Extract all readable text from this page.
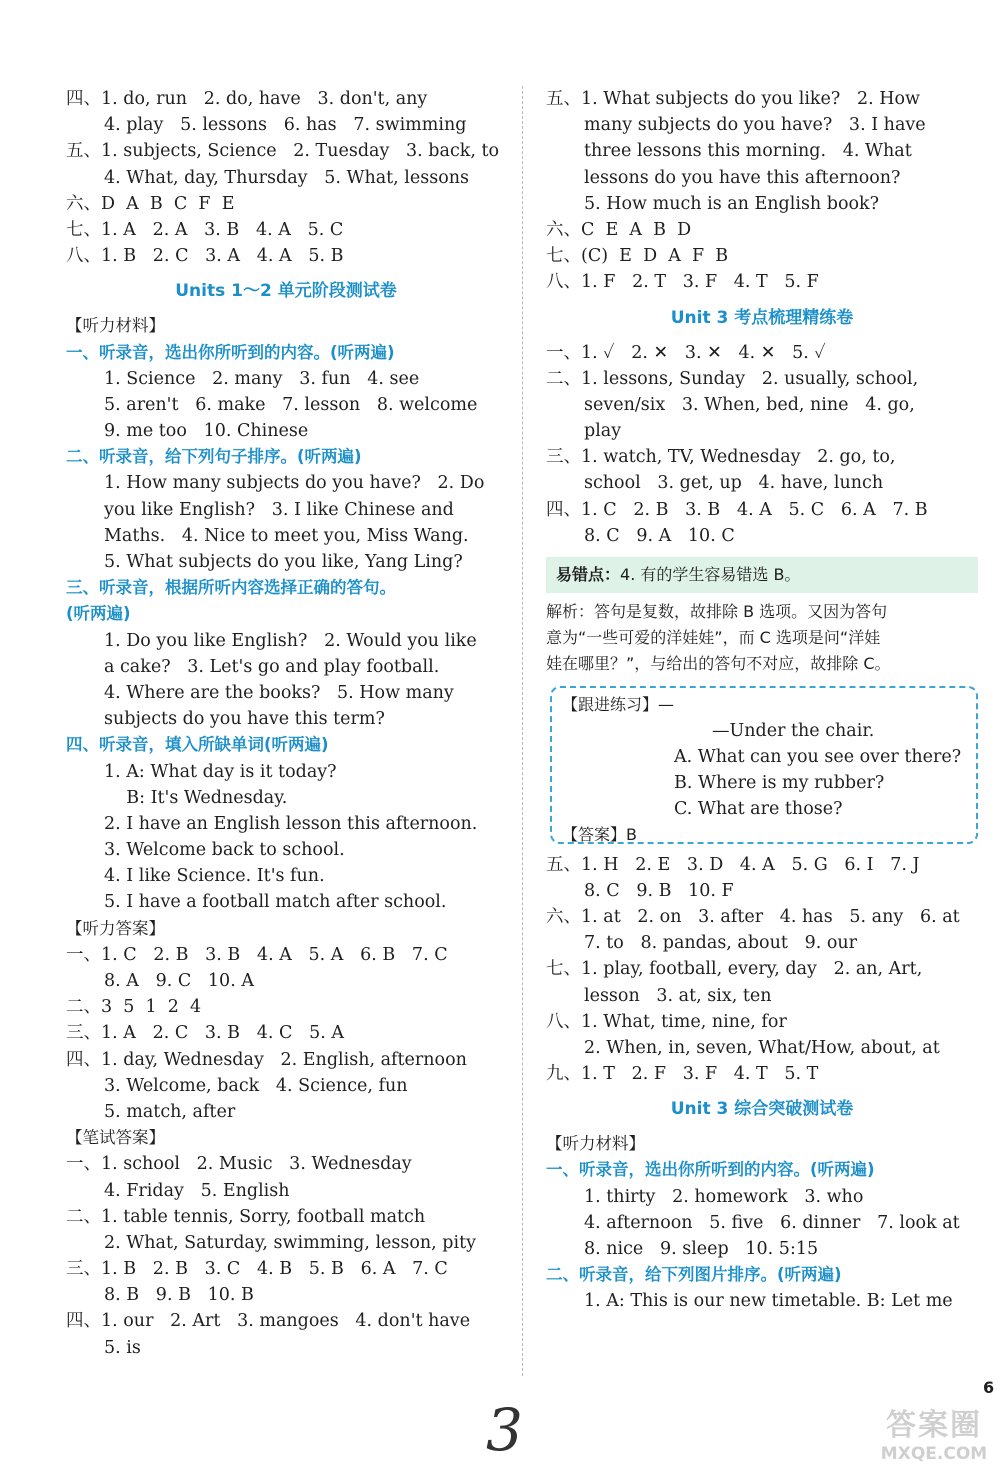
四、1. do, run   2. do, have   3. don't, any
4. play   5. lessons   6. has   7. swimming
五、1. subjects, Science   2. Tuesday   3. back, to
4. What, day, Thursday   5. What, lessons
六、D  A  B  C  F  E
七、1. A   2. A   3. B   4. A   5. C
八、1. B   2. C   3. A   4. A   5. B
Units 1～2 单元阶段测试卷
【听力材料】
一、听录音，选出你所听到的内容。(听两遍)
1. Science   2. many   3. fun   4. see
5. aren't   6. make   7. lesson   8. welcome
9. me too   10. Chinese
二、听录音，给下列句子排序。(听两遍)
1. How many subjects do you have?   2. Do
you like English?   3. I like Chinese and
Maths.   4. Nice to meet you, Miss Wang.
5. What subjects do you like, Yang Ling?
三、听录音，根据所听内容选择正确的答句。
(听两遍)
1. Do you like English?   2. Would you like
a cake?   3. Let's go and play football.
4. Where are the books?   5. How many
subjects do you have this term?
四、听录音，填入所缺单词(听两遍)
1. A: What day is it today?
B: It's Wednesday.
2. I have an English lesson this afternoon.
3. Welcome back to school.
4. I like Science. It's fun.
5. I have a football match after school.
【听力答案】
一、1. C   2. B   3. B   4. A   5. A   6. B   7. C
8. A   9. C   10. A
二、3  5  1  2  4
三、1. A   2. C   3. B   4. C   5. A
四、1. day, Wednesday   2. English, afternoon
3. Welcome, back   4. Science, fun
5. match, after
【笔试答案】
一、1. school   2. Music   3. Wednesday
4. Friday   5. English
二、1. table tennis, Sorry, football match
2. What, Saturday, swimming, lesson, pity
三、1. B   2. B   3. C   4. B   5. B   6. A   7. C
8. B   9. B   10. B
四、1. our   2. Art   3. mangoes   4. don't have
5. is
五、1. What subjects do you like?   2. How
many subjects do you have?   3. I have
three lessons this morning.   4. What
lessons do you have this afternoon?
5. How much is an English book?
六、C  E  A  B  D
七、(C)  E  D  A  F  B
八、1. F   2. T   3. F   4. T   5. F
Unit 3 考点梳理精练卷
一、1. ✓   2. ✕   3. ✕   4. ✕   5. ✓
二、1. lessons, Sunday   2. usually, school,
seven/six   3. When, bed, nine   4. go,
play
三、1. watch, TV, Wednesday   2. go, to,
school   3. get, up   4. have, lunch
四、1. C   2. B   3. B   4. A   5. C   6. A   7. B
8. C   9. A   10. C
易错点：4. 有的学生容易错选 B。
解析：答句是复数，故排除 B 选项。又因为答句
意为“一些可爱的洋娃娃”，而 C 选项是问“洋娃
娃在哪里？”，与给出的答句不对应，故排除 C。
【跟进练习】—
—Under the chair.
A. What can you see over there?
B. Where is my rubber?
C. What are those?
【答案】B
五、1. H   2. E   3. D   4. A   5. G   6. I   7. J
8. C   9. B   10. F
六、1. at   2. on   3. after   4. has   5. any   6. at
7. to   8. pandas, about   9. our
七、1. play, football, every, day   2. an, Art,
lesson   3. at, six, ten
八、1. What, time, nine, for
2. When, in, seven, What/How, about, at
九、1. T   2. F   3. F   4. T   5. T
Unit 3 综合突破测试卷
【听力材料】
一、听录音，选出你所听到的内容。(听两遍)
1. thirty   2. homework   3. who
4. afternoon   5. five   6. dinner   7. look at
8. nice   9. sleep   10. 5:15
二、听录音，给下列图片排序。(听两遍)
1. A: This is our new timetable. B: Let me
6
3	答案圈
MXQE.COM
